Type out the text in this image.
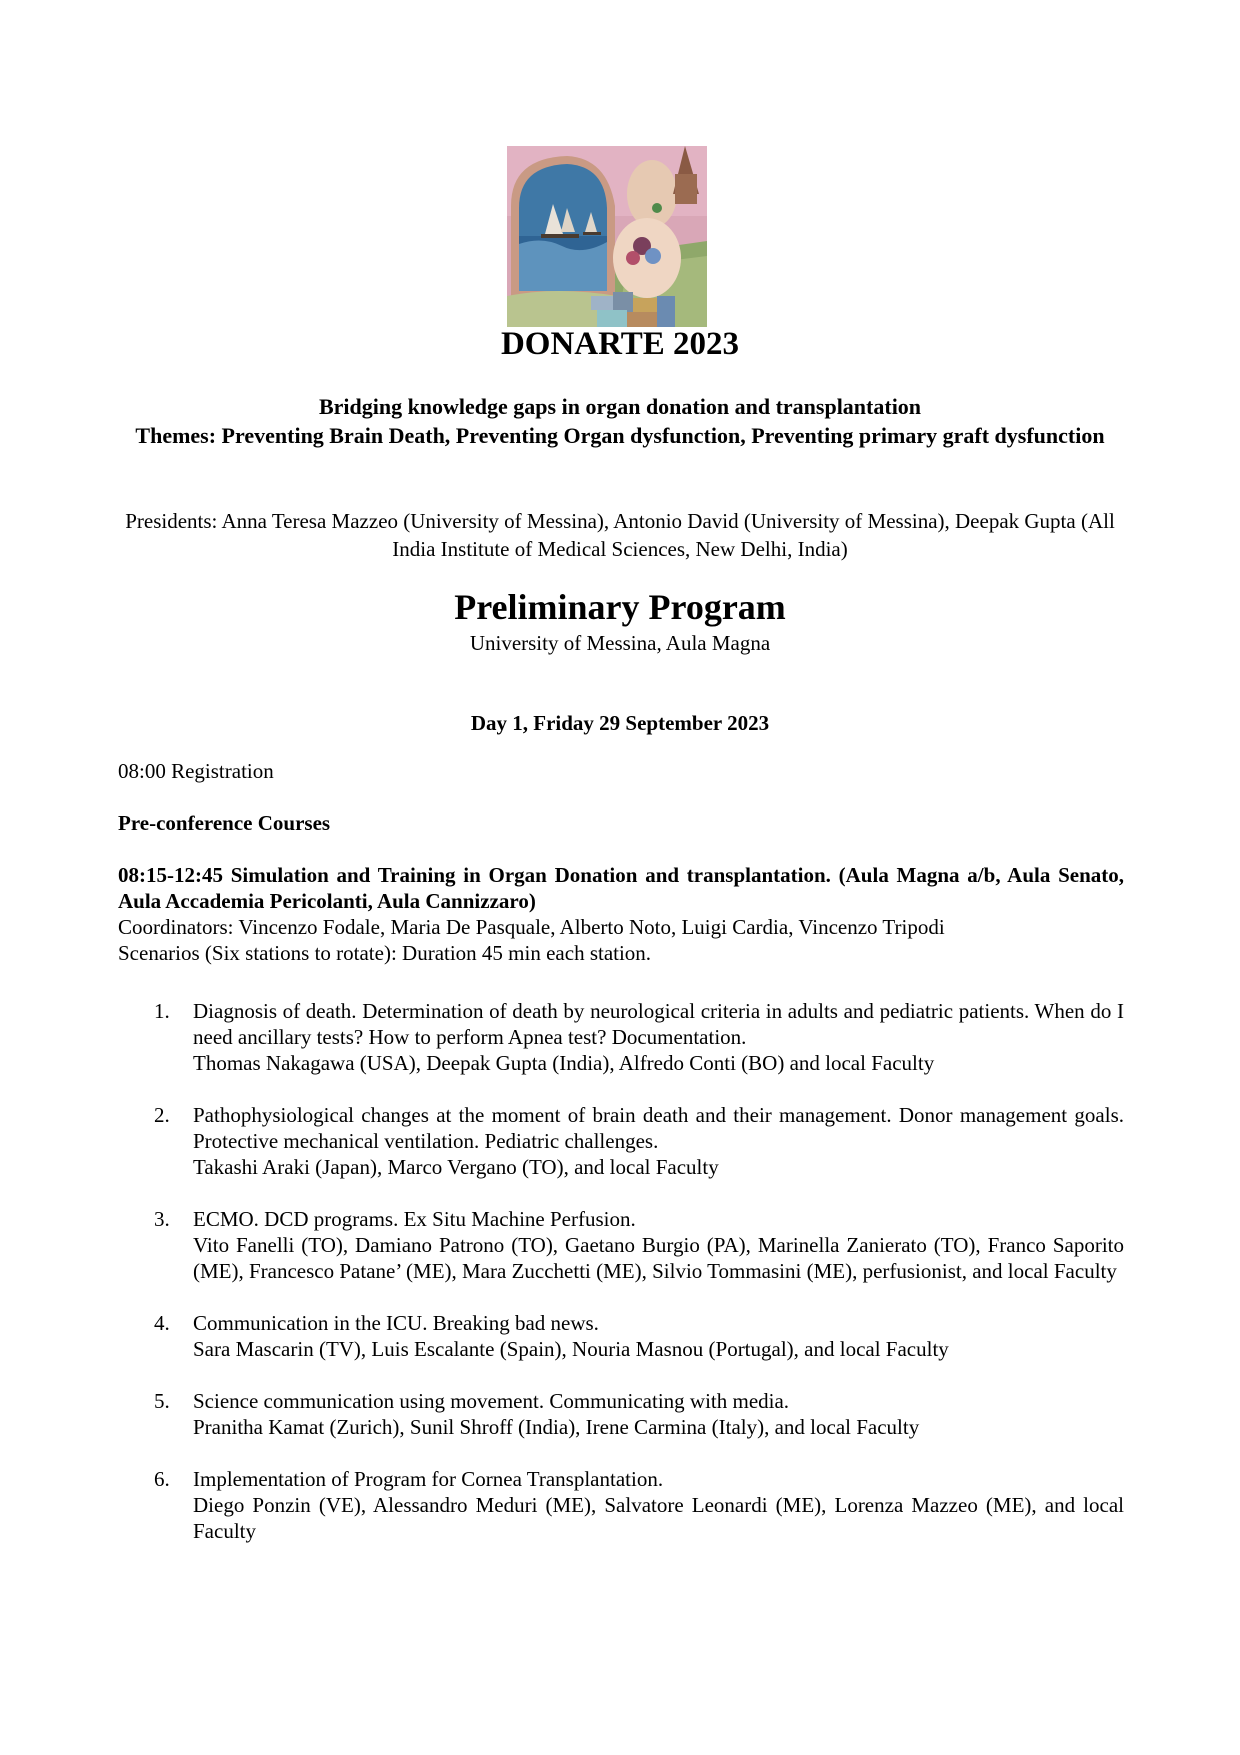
DONARTE 2023
Bridging knowledge gaps in organ donation and transplantation
Themes: Preventing Brain Death, Preventing Organ dysfunction, Preventing primary graft dysfunction
Presidents: Anna Teresa Mazzeo (University of Messina), Antonio David (University of Messina), Deepak Gupta (All India Institute of Medical Sciences, New Delhi, India)
Preliminary Program
University of Messina, Aula Magna
Day 1, Friday 29 September 2023
08:00 Registration
Pre-conference Courses
08:15-12:45 Simulation and Training in Organ Donation and transplantation. (Aula Magna a/b, Aula Senato, Aula Accademia Pericolanti, Aula Cannizzaro)
Coordinators: Vincenzo Fodale, Maria De Pasquale, Alberto Noto, Luigi Cardia, Vincenzo Tripodi
Scenarios (Six stations to rotate): Duration 45 min each station.
1. Diagnosis of death. Determination of death by neurological criteria in adults and pediatric patients. When do I need ancillary tests? How to perform Apnea test? Documentation.
Thomas Nakagawa (USA), Deepak Gupta (India), Alfredo Conti (BO) and local Faculty
2. Pathophysiological changes at the moment of brain death and their management. Donor management goals. Protective mechanical ventilation. Pediatric challenges.
Takashi Araki (Japan), Marco Vergano (TO), and local Faculty
3. ECMO. DCD programs. Ex Situ Machine Perfusion.
Vito Fanelli (TO), Damiano Patrono (TO), Gaetano Burgio (PA), Marinella Zanierato (TO), Franco Saporito (ME), Francesco Patane’ (ME), Mara Zucchetti (ME), Silvio Tommasini (ME), perfusionist, and local Faculty
4. Communication in the ICU. Breaking bad news.
Sara Mascarin (TV), Luis Escalante (Spain), Nouria Masnou (Portugal), and local Faculty
5. Science communication using movement. Communicating with media.
Pranitha Kamat (Zurich), Sunil Shroff (India), Irene Carmina (Italy), and local Faculty
6. Implementation of Program for Cornea Transplantation.
Diego Ponzin (VE), Alessandro Meduri (ME), Salvatore Leonardi (ME), Lorenza Mazzeo (ME), and local Faculty
